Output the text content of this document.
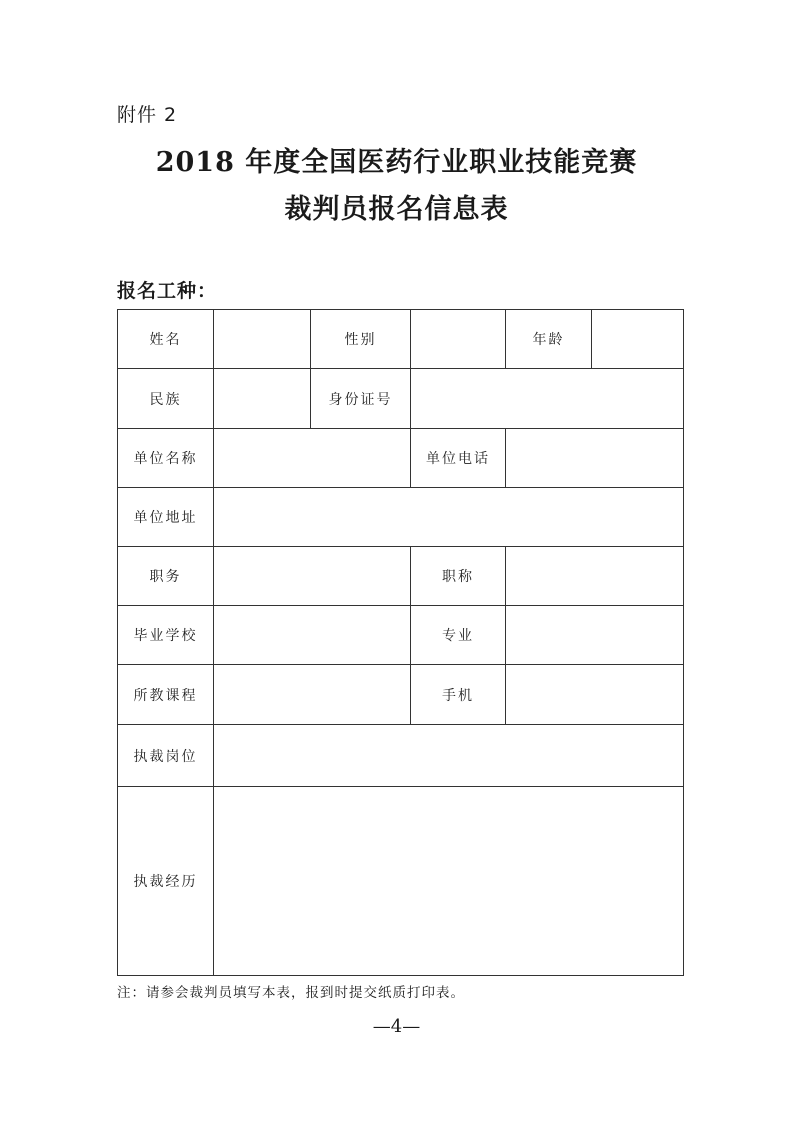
附件 2
2018 年度全国医药行业职业技能竞赛
裁判员报名信息表
报名工种：
姓名		性别		年龄	
民族		身份证号			
单位名称			单位电话		
单位地址					
职务			职称		
毕业学校			专业		
所教课程			手机		
执裁岗位					
执裁经历					
注：请参会裁判员填写本表，报到时提交纸质打印表。
—4—
